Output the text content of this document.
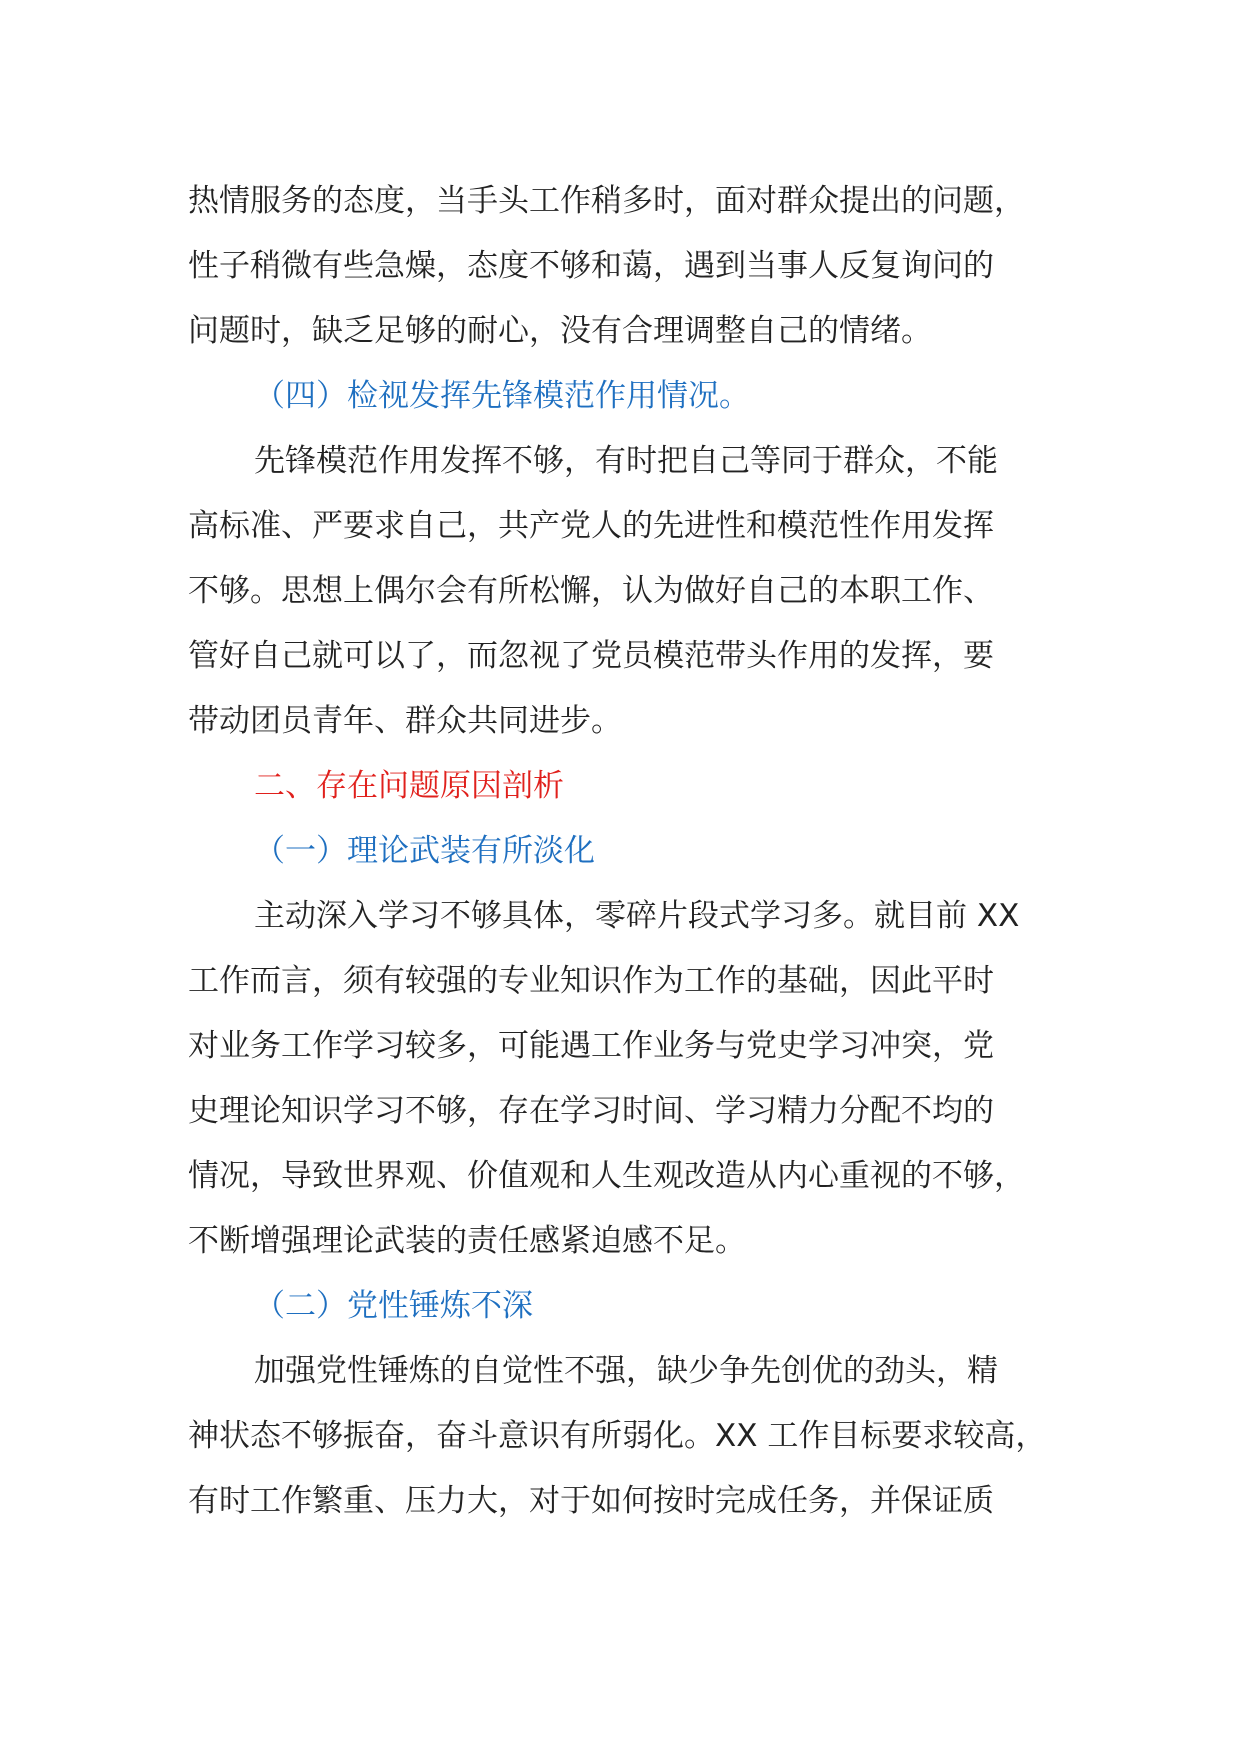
热情服务的态度，当手头工作稍多时，面对群众提出的问题，
性子稍微有些急燥，态度不够和蔼，遇到当事人反复询问的
问题时，缺乏足够的耐心，没有合理调整自己的情绪。
（四）检视发挥先锋模范作用情况。
先锋模范作用发挥不够，有时把自己等同于群众，不能
高标准、严要求自己，共产党人的先进性和模范性作用发挥
不够。思想上偶尔会有所松懈，认为做好自己的本职工作、
管好自己就可以了，而忽视了党员模范带头作用的发挥，要
带动团员青年、群众共同进步。
二、存在问题原因剖析
（一）理论武装有所淡化
主动深入学习不够具体，零碎片段式学习多。就目前 XX
工作而言，须有较强的专业知识作为工作的基础，因此平时
对业务工作学习较多，可能遇工作业务与党史学习冲突，党
史理论知识学习不够，存在学习时间、学习精力分配不均的
情况，导致世界观、价值观和人生观改造从内心重视的不够，
不断增强理论武装的责任感紧迫感不足。
（二）党性锤炼不深
加强党性锤炼的自觉性不强，缺少争先创优的劲头，精
神状态不够振奋，奋斗意识有所弱化。XX 工作目标要求较高，
有时工作繁重、压力大，对于如何按时完成任务，并保证质
